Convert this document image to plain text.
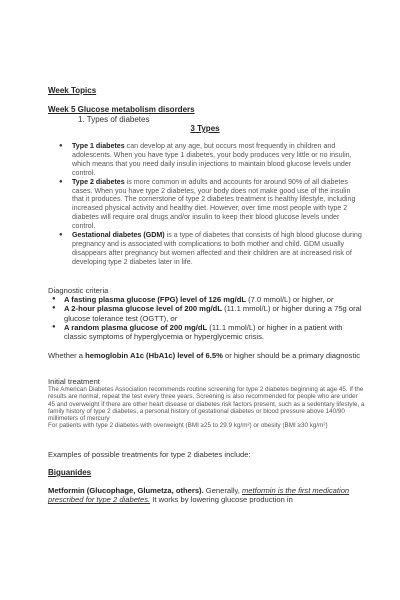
Week Topics
Week 5 Glucose metabolism disorders
1. Types of diabetes
3 Types
● Type 1 diabetes can develop at any age, but occurs most frequently in children and adolescents. When you have type 1 diabetes, your body produces very little or no insulin, which means that you need daily insulin injections to maintain blood glucose levels under control.
● Type 2 diabetes is more common in adults and accounts for around 90% of all diabetes cases. When you have type 2 diabetes, your body does not make good use of the insulin that it produces. The cornerstone of type 2 diabetes treatment is healthy lifestyle, including increased physical activity and healthy diet. However, over time most people with type 2 diabetes will require oral drugs and/or insulin to keep their blood glucose levels under control.
● Gestational diabetes (GDM) is a type of diabetes that consists of high blood glucose during pregnancy and is associated with complications to both mother and child. GDM usually disappears after pregnancy but women affected and their children are at increased risk of developing type 2 diabetes later in life.
Diagnostic criteria
● A fasting plasma glucose (FPG) level of 126 mg/dL (7.0 mmol/L) or higher, or
● A 2-hour plasma glucose level of 200 mg/dL (11.1 mmol/L) or higher during a 75g oral glucose tolerance test (OGTT), or
● A random plasma glucose of 200 mg/dL (11.1 mmol/L) or higher in a patient with classic symptoms of hyperglycemia or hyperglycemic crisis.
Whether a hemoglobin A1c (HbA1c) level of 6.5% or higher should be a primary diagnostic
Initial treatment
The American Diabetes Association recommends routine screening for type 2 diabetes beginning at age 45. If the results are normal, repeat the test every three years. Screening is also recommended for people who are under 45 and overweight if there are other heart disease or diabetes risk factors present, such as a sedentary lifestyle, a family history of type 2 diabetes, a personal history of gestational diabetes or blood pressure above 140/90 millimeters of mercury
For patients with type 2 diabetes with overweight (BMI ≥25 to 29.9 kg/m²) or obesity (BMI ≥30 kg/m²)
Examples of possible treatments for type 2 diabetes include:
Biguanides
Metformin (Glucophage, Glumetza, others). Generally, metformin is the first medication prescribed for type 2 diabetes. It works by lowering glucose production in
